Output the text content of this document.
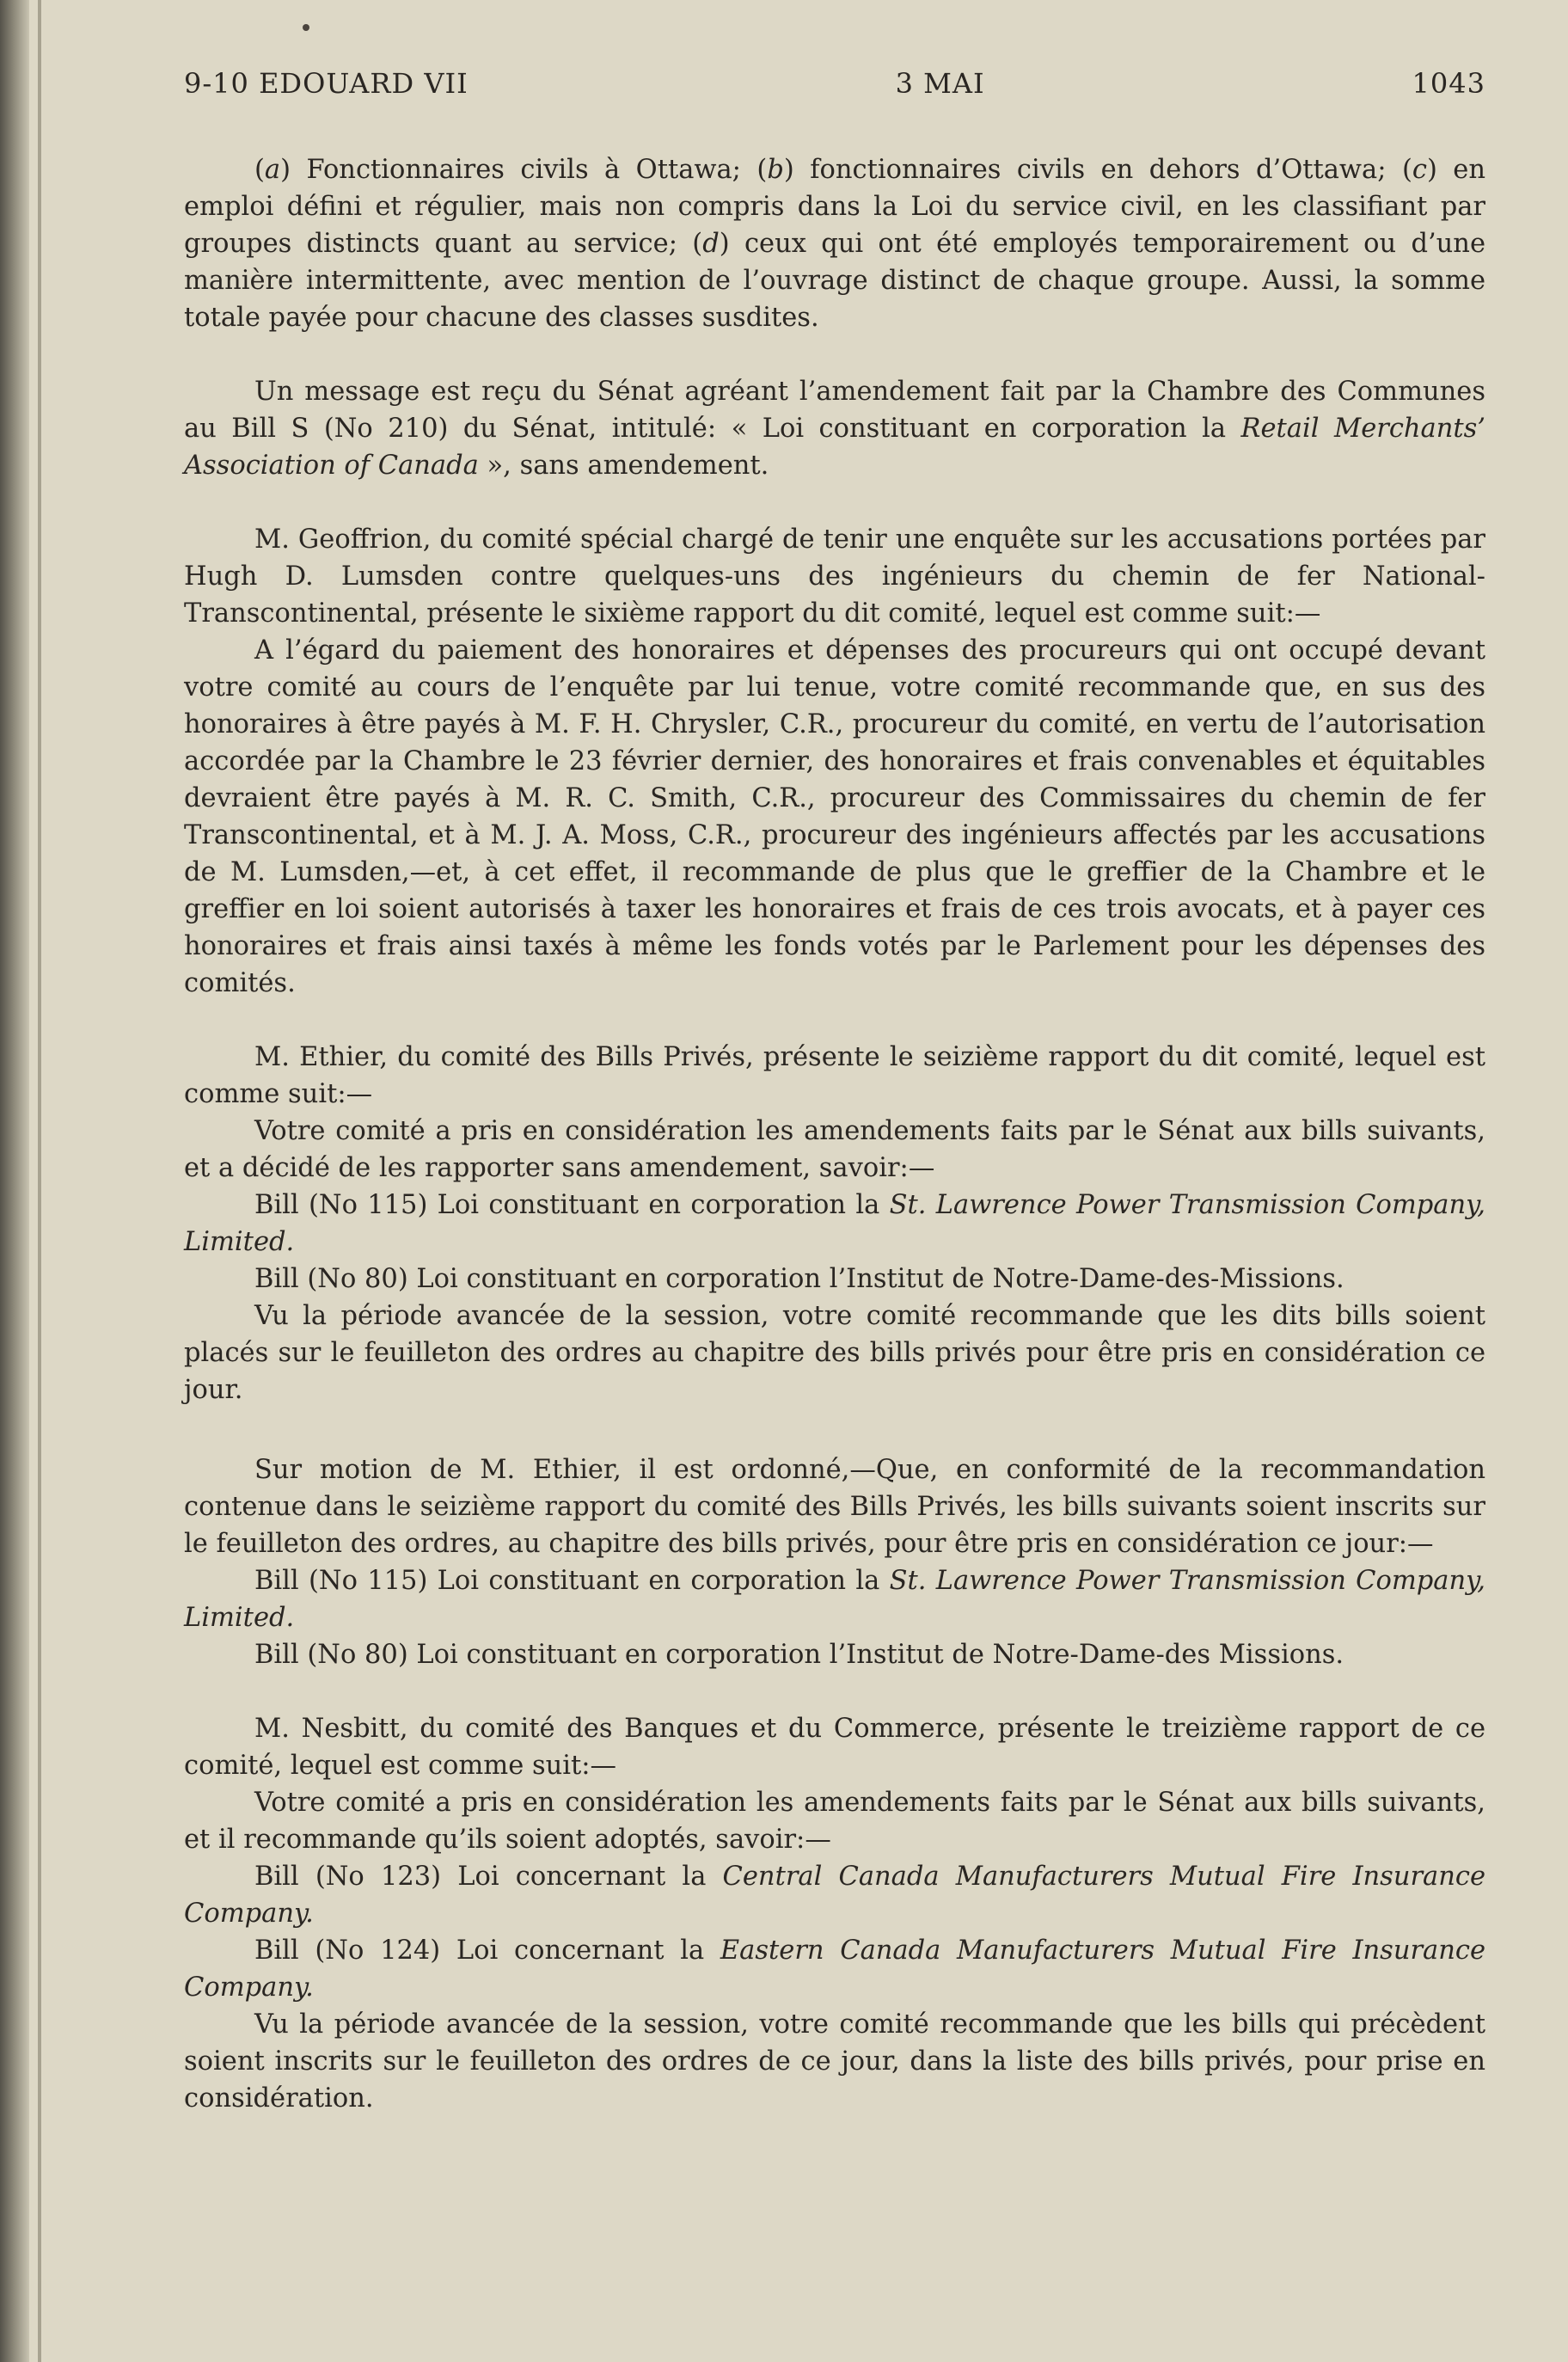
9-10 EDOUARD VII	3 MAI	1043

(a) Fonctionnaires civils à Ottawa; (b) fonctionnaires civils en dehors d’Ottawa; (c) en emploi défini et régulier, mais non compris dans la Loi du service civil, en les classifiant par groupes distincts quant au service; (d) ceux qui ont été employés temporairement ou d’une manière intermittente, avec mention de l’ouvrage distinct de chaque groupe. Aussi, la somme totale payée pour chacune des classes susdites.

Un message est reçu du Sénat agréant l’amendement fait par la Chambre des Communes au Bill S (No 210) du Sénat, intitulé: « Loi constituant en corporation la Retail Merchants’ Association of Canada », sans amendement.

M. Geoffrion, du comité spécial chargé de tenir une enquête sur les accusations portées par Hugh D. Lumsden contre quelques-uns des ingénieurs du chemin de fer National-Transcontinental, présente le sixième rapport du dit comité, lequel est comme suit:—

A l’égard du paiement des honoraires et dépenses des procureurs qui ont occupé devant votre comité au cours de l’enquête par lui tenue, votre comité recommande que, en sus des honoraires à être payés à M. F. H. Chrysler, C.R., procureur du comité, en vertu de l’autorisation accordée par la Chambre le 23 février dernier, des honoraires et frais convenables et équitables devraient être payés à M. R. C. Smith, C.R., procureur des Commissaires du chemin de fer Transcontinental, et à M. J. A. Moss, C.R., procureur des ingénieurs affectés par les accusations de M. Lumsden,—et, à cet effet, il recommande de plus que le greffier de la Chambre et le greffier en loi soient autorisés à taxer les honoraires et frais de ces trois avocats, et à payer ces honoraires et frais ainsi taxés à même les fonds votés par le Parlement pour les dépenses des comités.

M. Ethier, du comité des Bills Privés, présente le seizième rapport du dit comité, lequel est comme suit:—

Votre comité a pris en considération les amendements faits par le Sénat aux bills suivants, et a décidé de les rapporter sans amendement, savoir:—

Bill (No 115) Loi constituant en corporation la St. Lawrence Power Transmission Company, Limited.

Bill (No 80) Loi constituant en corporation l’Institut de Notre-Dame-des-Missions.

Vu la période avancée de la session, votre comité recommande que les dits bills soient placés sur le feuilleton des ordres au chapitre des bills privés pour être pris en considération ce jour.

Sur motion de M. Ethier, il est ordonné,—Que, en conformité de la recommandation contenue dans le seizième rapport du comité des Bills Privés, les bills suivants soient inscrits sur le feuilleton des ordres, au chapitre des bills privés, pour être pris en considération ce jour:—

Bill (No 115) Loi constituant en corporation la St. Lawrence Power Transmission Company, Limited.

Bill (No 80) Loi constituant en corporation l’Institut de Notre-Dame-des Missions.

M. Nesbitt, du comité des Banques et du Commerce, présente le treizième rapport de ce comité, lequel est comme suit:—

Votre comité a pris en considération les amendements faits par le Sénat aux bills suivants, et il recommande qu’ils soient adoptés, savoir:—

Bill (No 123) Loi concernant la Central Canada Manufacturers Mutual Fire Insurance Company.

Bill (No 124) Loi concernant la Eastern Canada Manufacturers Mutual Fire Insurance Company.

Vu la période avancée de la session, votre comité recommande que les bills qui précèdent soient inscrits sur le feuilleton des ordres de ce jour, dans la liste des bills privés, pour prise en considération.
